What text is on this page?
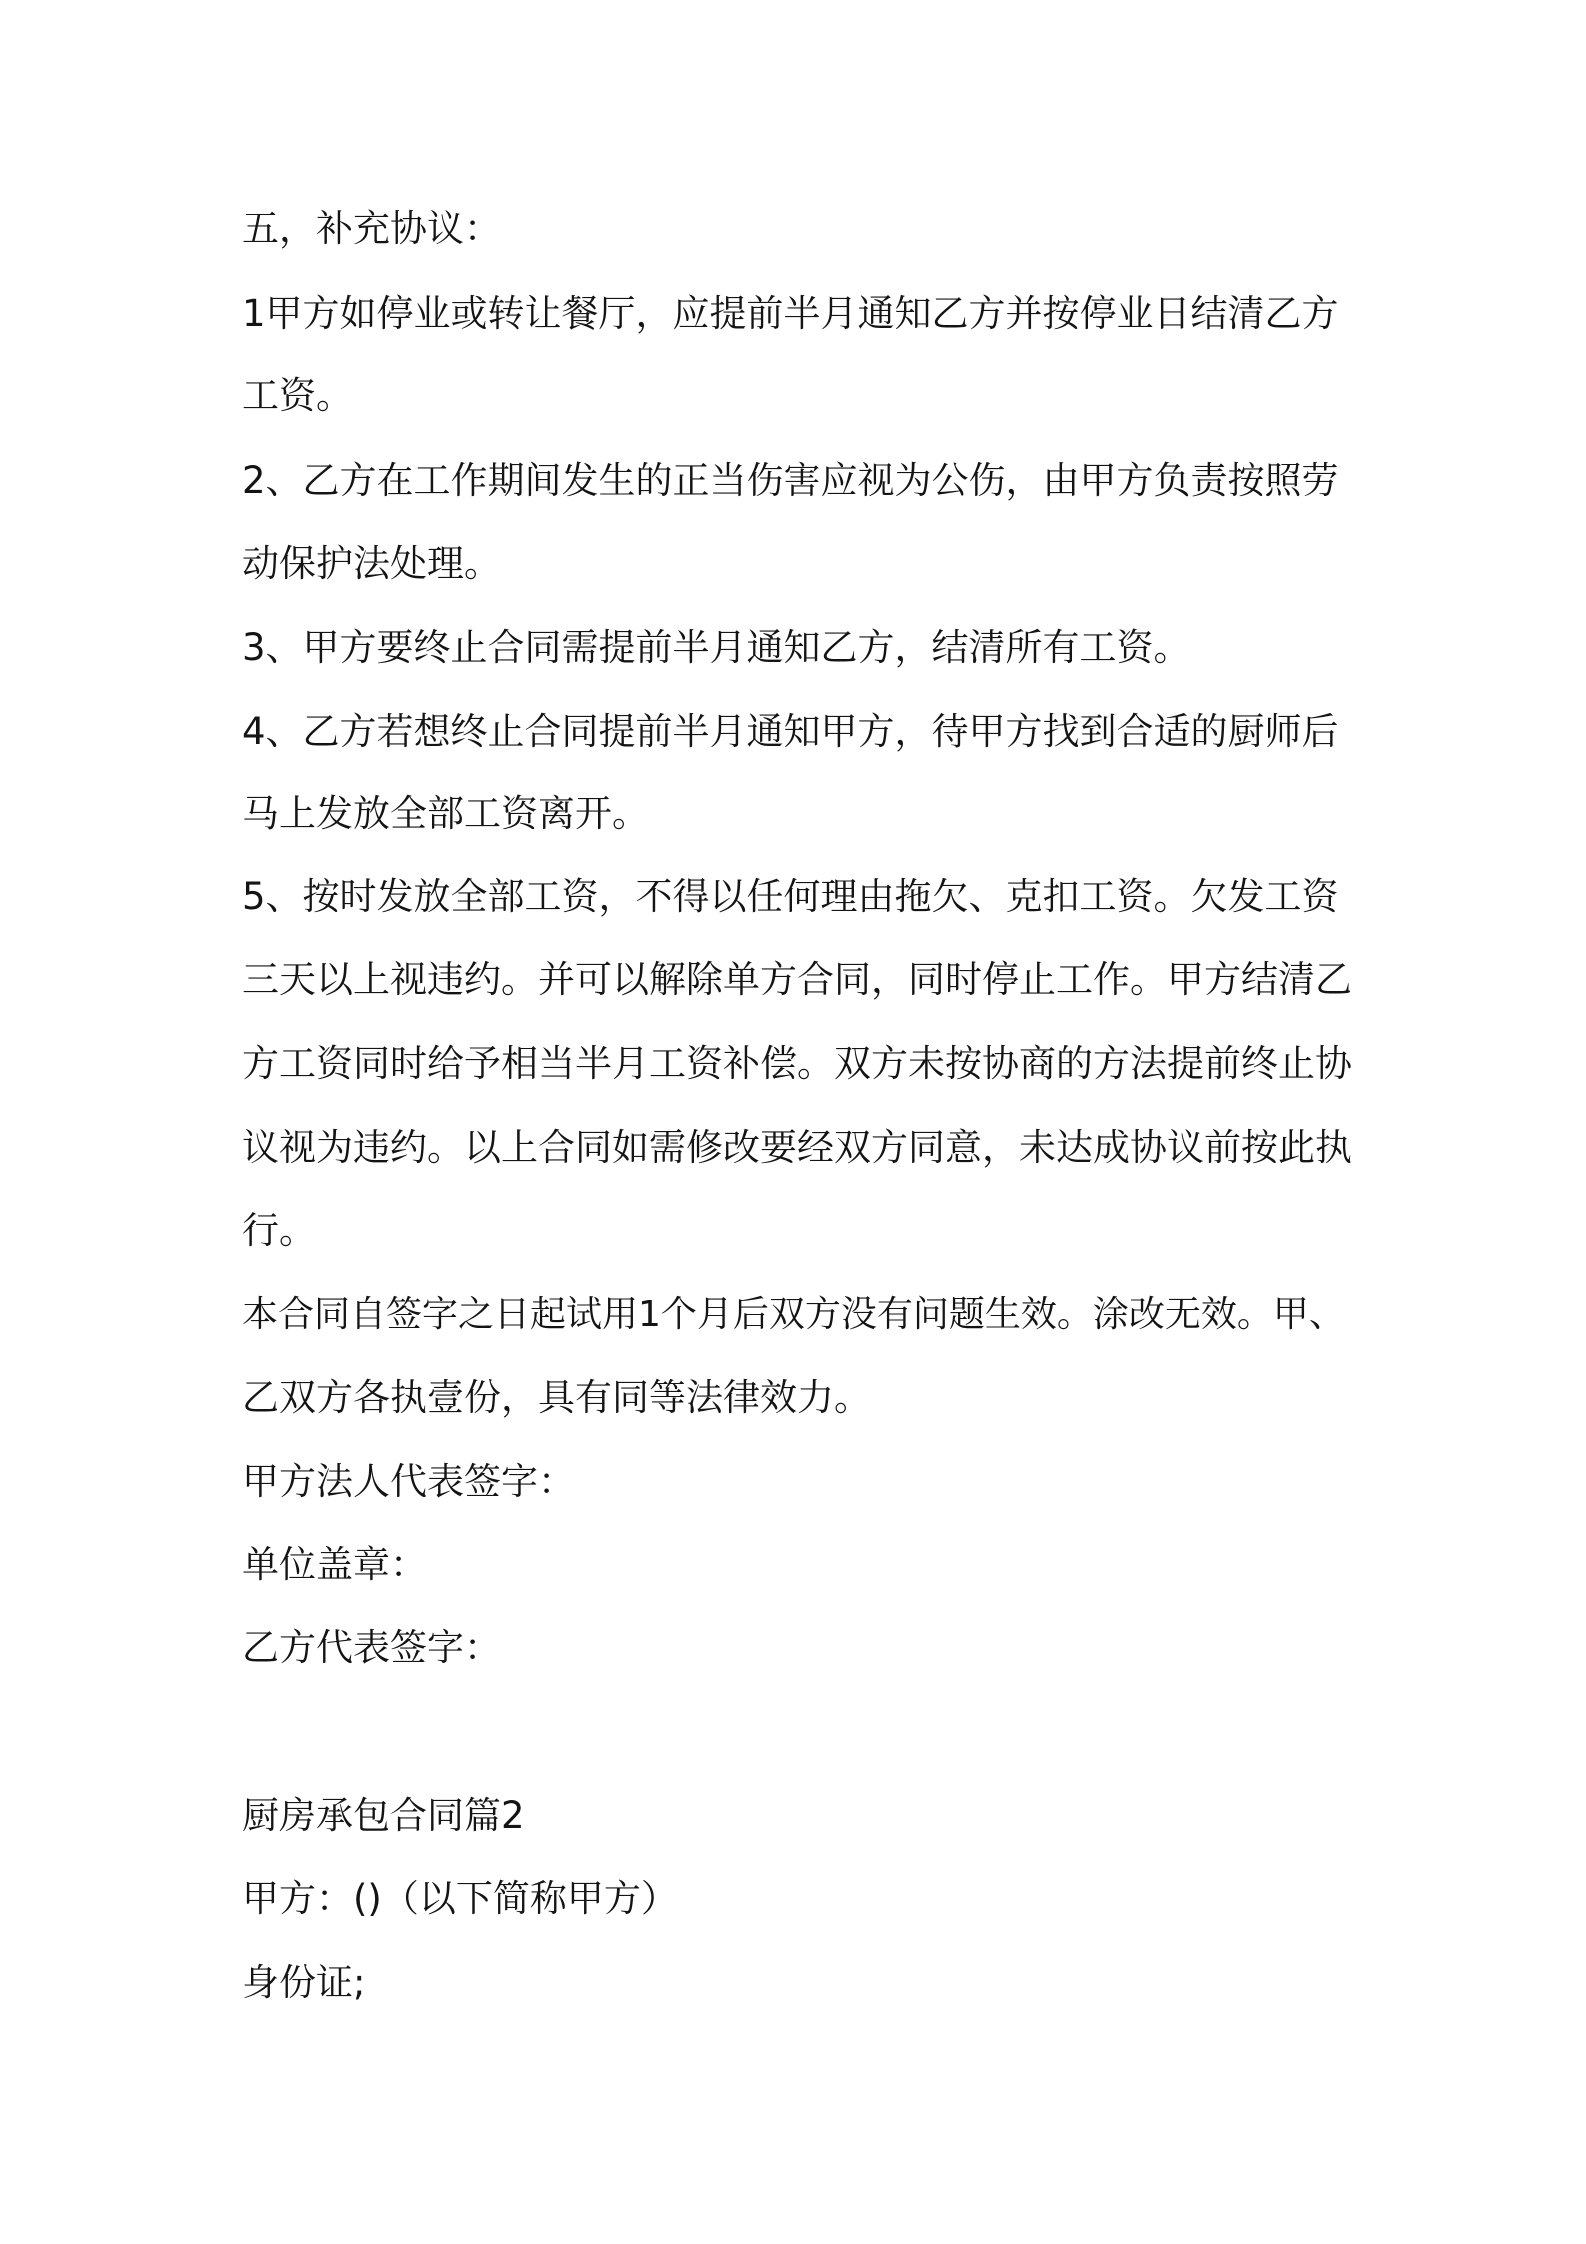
五，补充协议：
1甲方如停业或转让餐厅，应提前半月通知乙方并按停业日结清乙方
工资。
2、乙方在工作期间发生的正当伤害应视为公伤，由甲方负责按照劳
动保护法处理。
3、甲方要终止合同需提前半月通知乙方，结清所有工资。
4、乙方若想终止合同提前半月通知甲方，待甲方找到合适的厨师后
马上发放全部工资离开。
5、按时发放全部工资，不得以任何理由拖欠、克扣工资。欠发工资
三天以上视违约。并可以解除单方合同，同时停止工作。甲方结清乙
方工资同时给予相当半月工资补偿。双方未按协商的方法提前终止协
议视为违约。以上合同如需修改要经双方同意，未达成协议前按此执
行。
本合同自签字之日起试用1个月后双方没有问题生效。涂改无效。甲、
乙双方各执壹份，具有同等法律效力。
甲方法人代表签字：
单位盖章：
乙方代表签字：
厨房承包合同篇2
甲方：()（以下简称甲方）
身份证;
